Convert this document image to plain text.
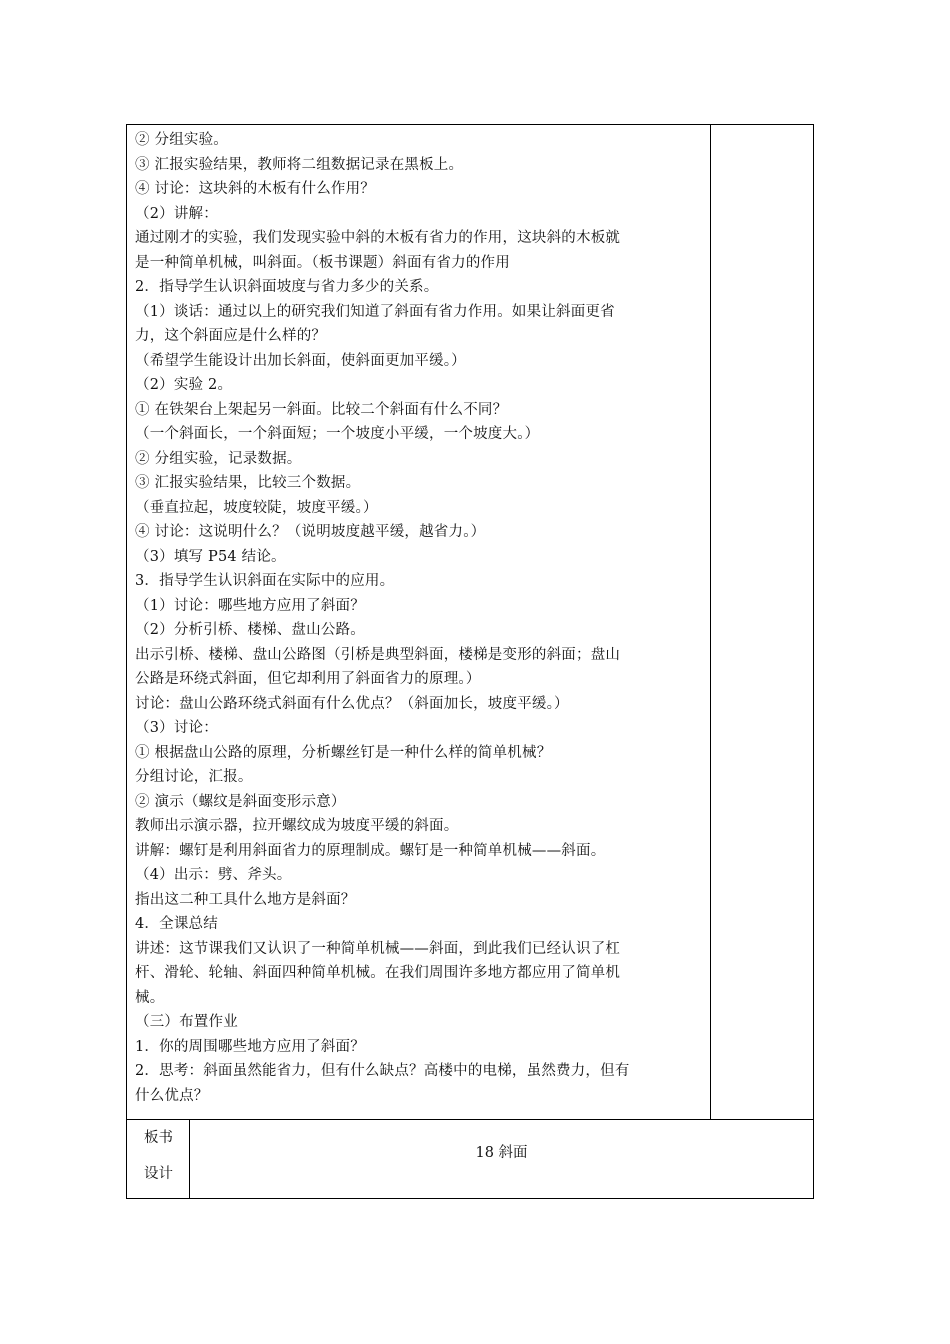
② 分组实验。
③ 汇报实验结果，教师将二组数据记录在黑板上。
④ 讨论：这块斜的木板有什么作用？
（2）讲解：
通过刚才的实验，我们发现实验中斜的木板有省力的作用，这块斜的木板就
是一种简单机械，叫斜面。（板书课题）斜面有省力的作用
2．指导学生认识斜面坡度与省力多少的关系。
（1）谈话：通过以上的研究我们知道了斜面有省力作用。如果让斜面更省
力，这个斜面应是什么样的？
（希望学生能设计出加长斜面，使斜面更加平缓。）
（2）实验 2。
① 在铁架台上架起另一斜面。比较二个斜面有什么不同？
（一个斜面长，一个斜面短；一个坡度小平缓，一个坡度大。）
② 分组实验，记录数据。
③ 汇报实验结果，比较三个数据。
（垂直拉起，坡度较陡，坡度平缓。）
④ 讨论：这说明什么？（说明坡度越平缓，越省力。）
（3）填写 P54 结论。
3．指导学生认识斜面在实际中的应用。
（1）讨论：哪些地方应用了斜面？
（2）分析引桥、楼梯、盘山公路。
出示引桥、楼梯、盘山公路图（引桥是典型斜面，楼梯是变形的斜面；盘山
公路是环绕式斜面，但它却利用了斜面省力的原理。）
讨论：盘山公路环绕式斜面有什么优点？（斜面加长，坡度平缓。）
（3）讨论：
① 根据盘山公路的原理，分析螺丝钉是一种什么样的简单机械？
分组讨论，汇报。
② 演示（螺纹是斜面变形示意）
教师出示演示器，拉开螺纹成为坡度平缓的斜面。
讲解：螺钉是利用斜面省力的原理制成。螺钉是一种简单机械——斜面。
（4）出示：劈、斧头。
指出这二种工具什么地方是斜面？
4．全课总结
讲述：这节课我们又认识了一种简单机械——斜面，到此我们已经认识了杠
杆、滑轮、轮轴、斜面四种简单机械。在我们周围许多地方都应用了简单机
械。
（三）布置作业
1．你的周围哪些地方应用了斜面？
2．思考：斜面虽然能省力，但有什么缺点？高楼中的电梯，虽然费力，但有
什么优点？
板书
设计
18 斜面
